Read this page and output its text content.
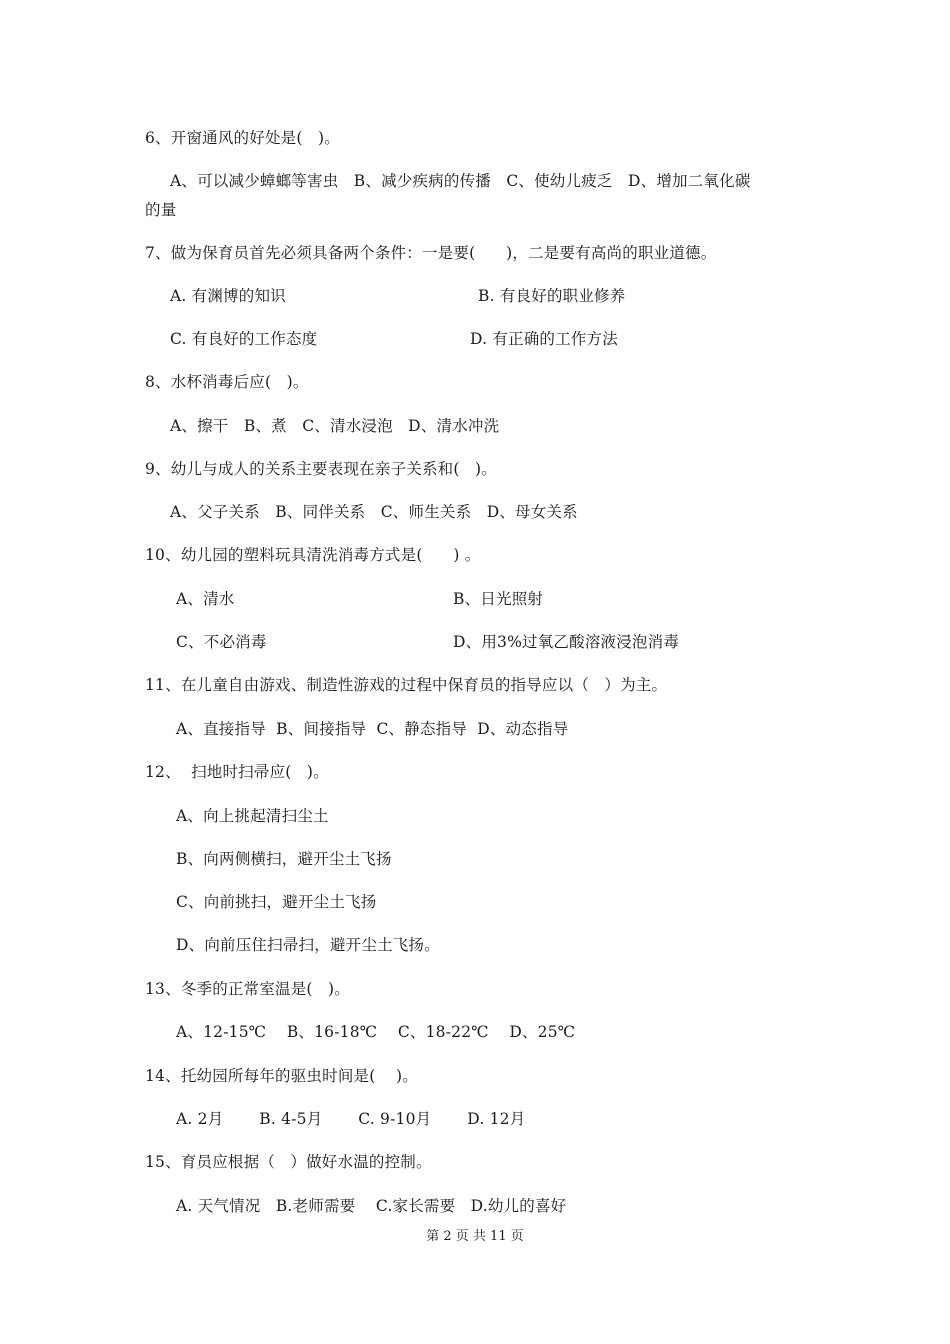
6、开窗通风的好处是(   )。
A、可以减少蟑螂等害虫   B、减少疾病的传播   C、使幼儿疲乏   D、增加二氧化碳
的量
7、做为保育员首先必须具备两个条件：一是要(      )，二是要有高尚的职业道德。
A. 有渊博的知识	B. 有良好的职业修养
C. 有良好的工作态度	D. 有正确的工作方法
8、水杯消毒后应(   )。
A、擦干   B、煮   C、清水浸泡   D、清水冲洗
9、幼儿与成人的关系主要表现在亲子关系和(   )。
A、父子关系   B、同伴关系   C、师生关系   D、母女关系
10、幼儿园的塑料玩具清洗消毒方式是(      ) 。
A、清水	B、日光照射
C、不必消毒	D、用3%过氧乙酸溶液浸泡消毒
11、在儿童自由游戏、制造性游戏的过程中保育员的指导应以（   ）为主。
A、直接指导  B、间接指导  C、静态指导  D、动态指导
12、  扫地时扫帚应(   )。
A、向上挑起清扫尘土
B、向两侧横扫，避开尘土飞扬
C、向前挑扫，避开尘土飞扬
D、向前压住扫帚扫，避开尘土飞扬。
13、冬季的正常室温是(   )。
A、12-15℃    B、16-18℃    C、18-22℃    D、25℃
14、托幼园所每年的驱虫时间是(    )。
A. 2月       B. 4-5月       C. 9-10月       D. 12月
15、育员应根据（   ）做好水温的控制。
A. 天气情况   B.老师需要    C.家长需要   D.幼儿的喜好
第 2 页 共 11 页
